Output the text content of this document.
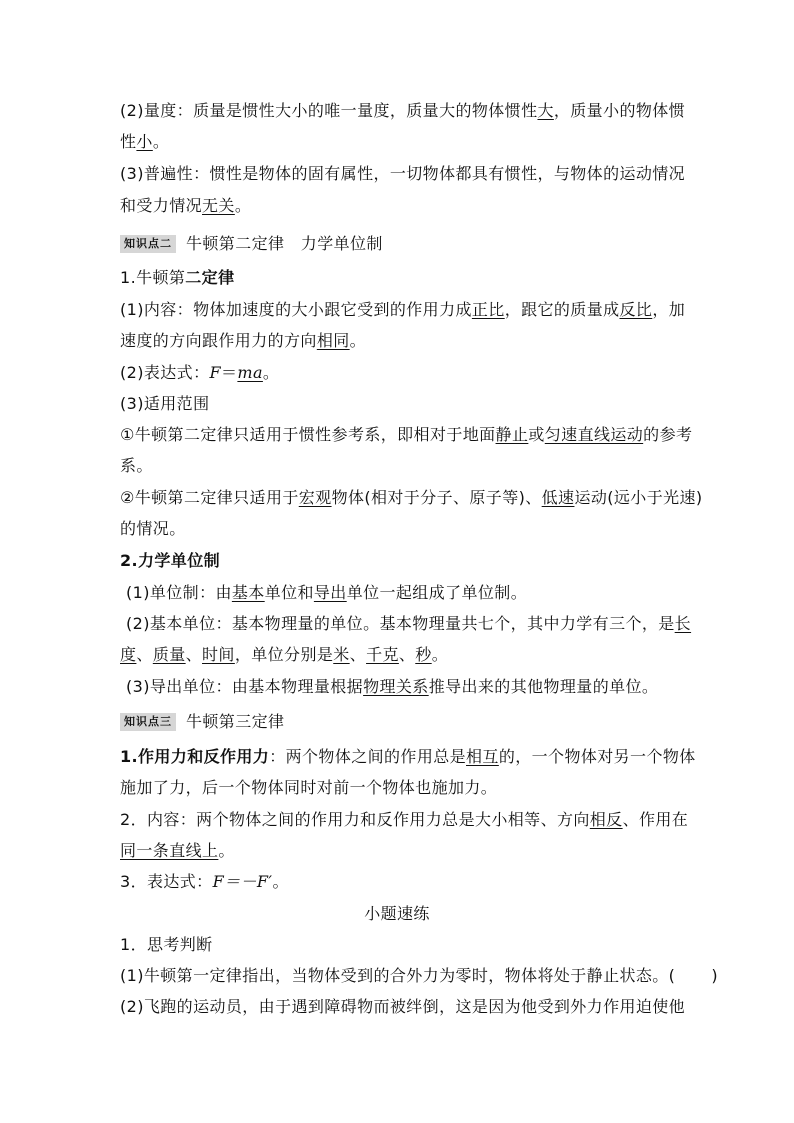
(2)量度：质量是惯性大小的唯一量度，质量大的物体惯性大，质量小的物体惯
性小。
(3)普遍性：惯性是物体的固有属性，一切物体都具有惯性，与物体的运动情况
和受力情况无关。
知识点二 牛顿第二定律　力学单位制
1.牛顿第二定律
(1)内容：物体加速度的大小跟它受到的作用力成正比，跟它的质量成反比，加
速度的方向跟作用力的方向相同。
(2)表达式：F＝ma。
(3)适用范围
①牛顿第二定律只适用于惯性参考系，即相对于地面静止或匀速直线运动的参考
系。
②牛顿第二定律只适用于宏观物体(相对于分子、原子等)、低速运动(远小于光速)
的情况。
2.力学单位制
(1)单位制：由基本单位和导出单位一起组成了单位制。
(2)基本单位：基本物理量的单位。基本物理量共七个，其中力学有三个，是长
度、质量、时间，单位分别是米、千克、秒。
(3)导出单位：由基本物理量根据物理关系推导出来的其他物理量的单位。
知识点三 牛顿第三定律
1.作用力和反作用力：两个物体之间的作用总是相互的，一个物体对另一个物体
施加了力，后一个物体同时对前一个物体也施加力。
2．内容：两个物体之间的作用力和反作用力总是大小相等、方向相反、作用在
同一条直线上。
3．表达式：F＝－F′。
小题速练
1．思考判断
(1)牛顿第一定律指出，当物体受到的合外力为零时，物体将处于静止状态。( )
(2)飞跑的运动员，由于遇到障碍物而被绊倒，这是因为他受到外力作用迫使他
